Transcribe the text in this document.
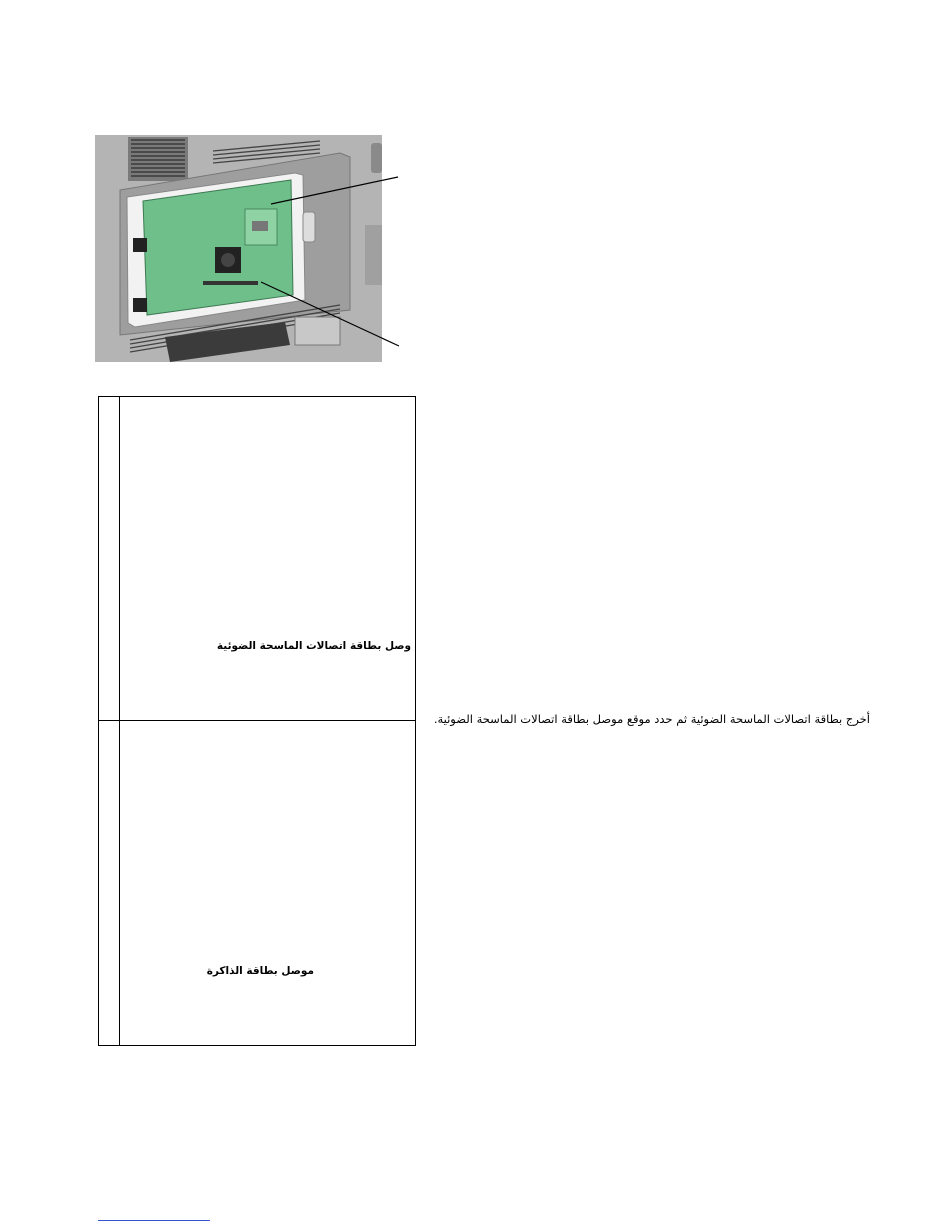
وصل بطاقة اتصالات الماسحة الضوئية
موصل بطاقة الذاكرة
أخرج بطاقة اتصالات الماسحة الضوئية ثم حدد موقع موصل بطاقة اتصالات الماسحة الضوئية.
